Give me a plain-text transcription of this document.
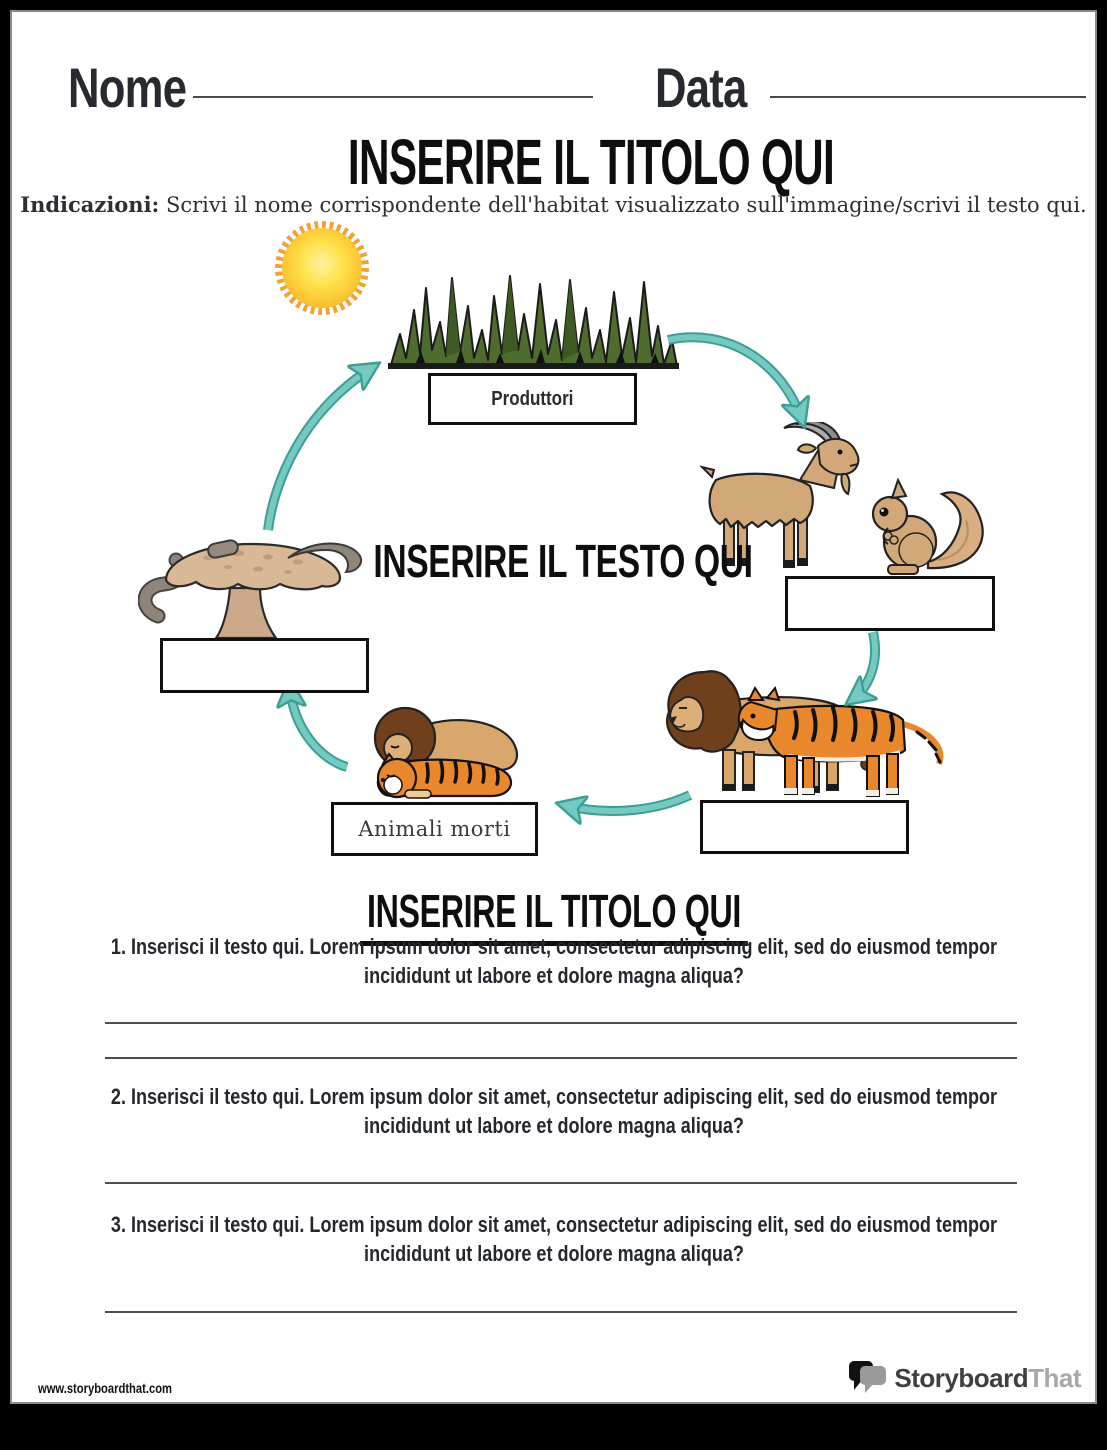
Nome	Data
INSERIRE IL TITOLO QUI
Indicazioni: Scrivi il nome corrispondente dell'habitat visualizzato sull'immagine/scrivi il testo qui.
Produttori
Animali morti
INSERIRE IL TESTO QUI
INSERIRE IL TITOLO QUI
1. Inserisci il testo qui. Lorem ipsum dolor sit amet, consectetur adipiscing elit, sed do eiusmod tempor incididunt ut labore et dolore magna aliqua?
2. Inserisci il testo qui. Lorem ipsum dolor sit amet, consectetur adipiscing elit, sed do eiusmod tempor incididunt ut labore et dolore magna aliqua?
3. Inserisci il testo qui. Lorem ipsum dolor sit amet, consectetur adipiscing elit, sed do eiusmod tempor incididunt ut labore et dolore magna aliqua?
www.storyboardthat.com	StoryboardThat
